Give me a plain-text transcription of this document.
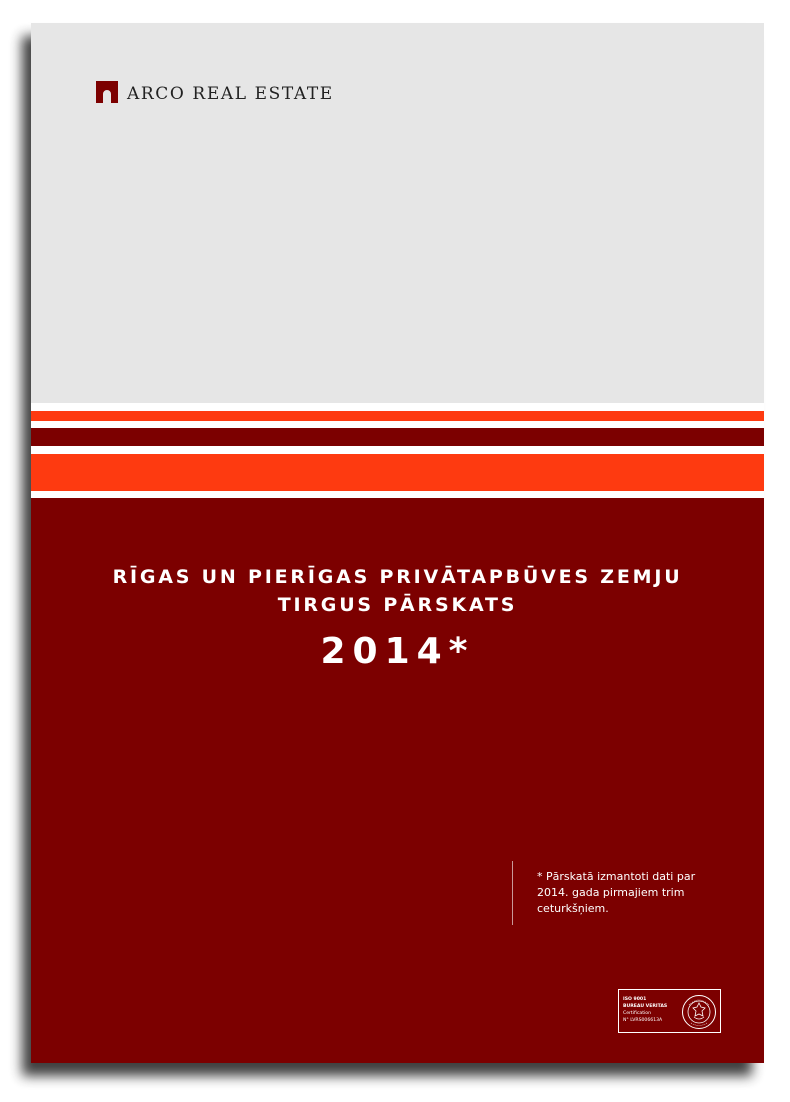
ARCO REAL ESTATE
RĪGAS UN PIERĪGAS PRIVĀTAPBŪVES ZEMJU
TIRGUS PĀRSKATS
2014*
* Pārskatā izmantoti dati par
2014. gada pirmajiem trim
ceturkšņiem.
ISO 9001
BUREAU VERITAS
Certification
N° LVRS006613A
